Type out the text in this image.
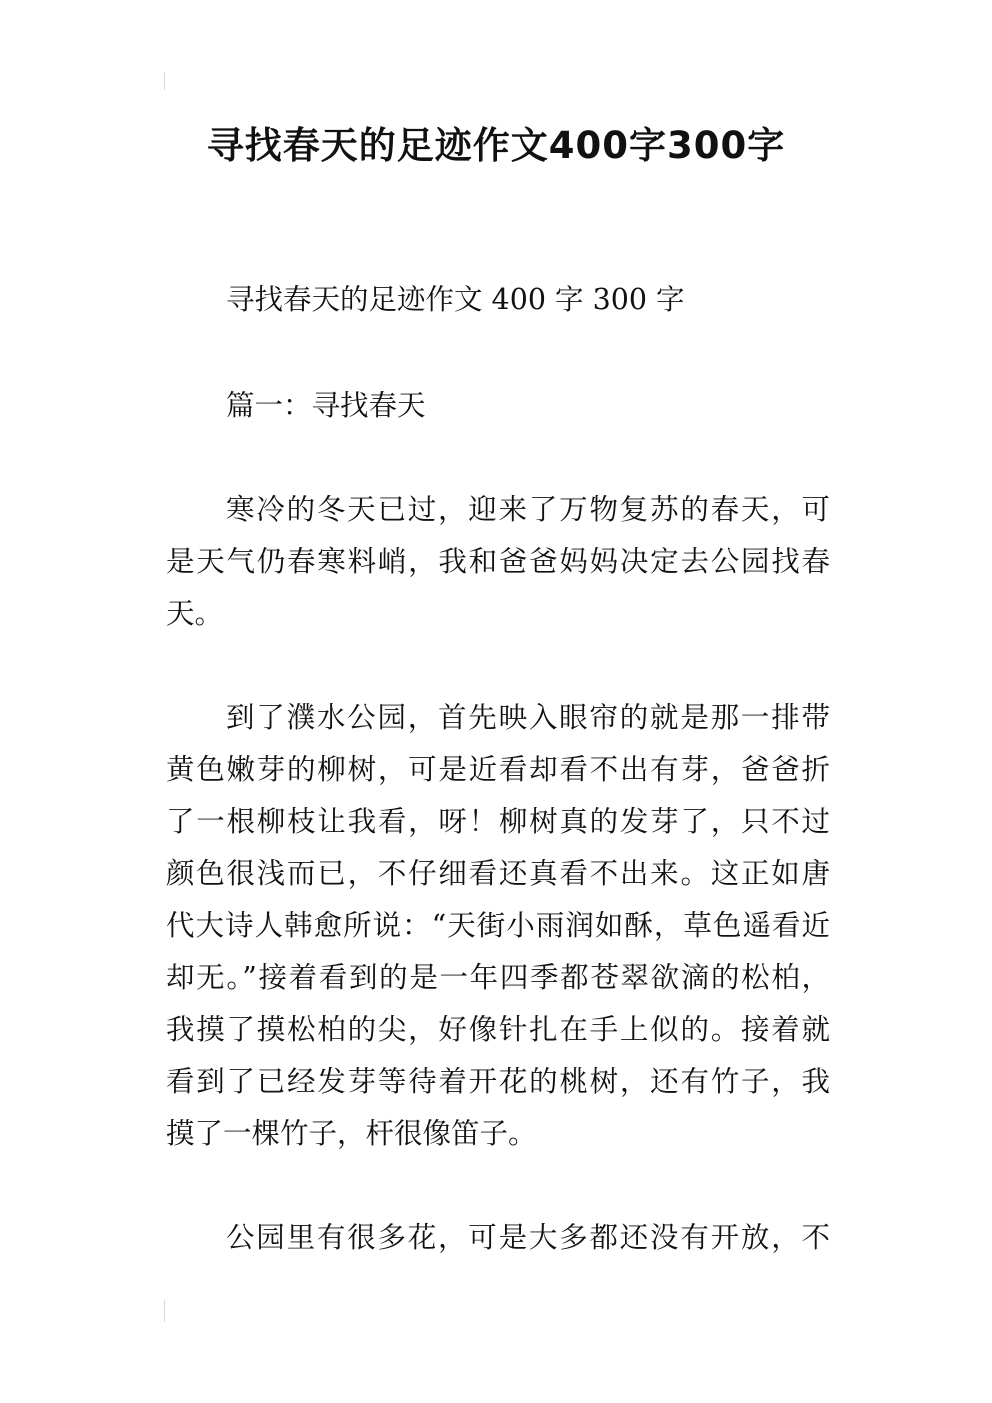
寻找春天的足迹作文400字300字
寻找春天的足迹作文 400 字 300 字
篇一：寻找春天
寒冷的冬天已过，迎来了万物复苏的春天，可
是天气仍春寒料峭，我和爸爸妈妈决定去公园找春
天。
到了濮水公园，首先映入眼帘的就是那一排带
黄色嫩芽的柳树，可是近看却看不出有芽，爸爸折
了一根柳枝让我看，呀！柳树真的发芽了，只不过
颜色很浅而已，不仔细看还真看不出来。这正如唐
代大诗人韩愈所说：“天街小雨润如酥，草色遥看近
却无。”接着看到的是一年四季都苍翠欲滴的松柏，
我摸了摸松柏的尖，好像针扎在手上似的。接着就
看到了已经发芽等待着开花的桃树，还有竹子，我
摸了一棵竹子，杆很像笛子。
公园里有很多花，可是大多都还没有开放，不
